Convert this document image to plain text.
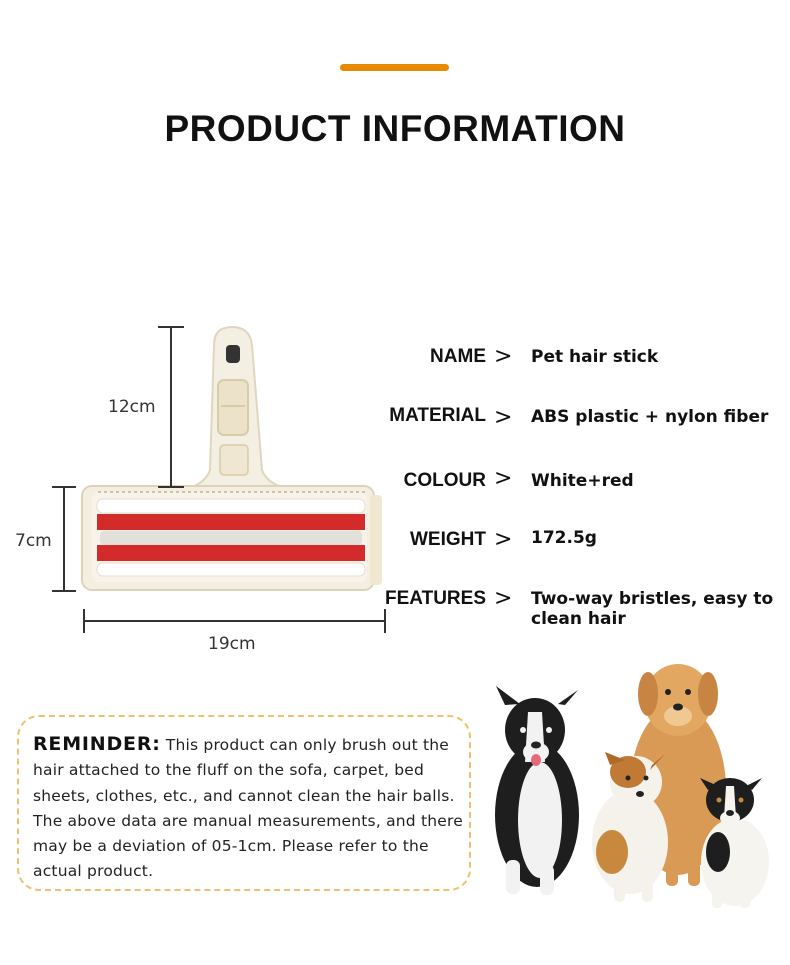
PRODUCT INFORMATION
12cm
7cm
19cm
NAME > Pet hair stick
MATERIAL > ABS plastic + nylon fiber
COLOUR > White+red
WEIGHT > 172.5g
FEATURES > Two-way bristles, easy to clean hair
REMINDER: This product can only brush out the hair attached to the fluff on the sofa, carpet, bed sheets, clothes, etc., and cannot clean the hair balls. The above data are manual measurements, and there may be a deviation of 05-1cm. Please refer to the actual product.
